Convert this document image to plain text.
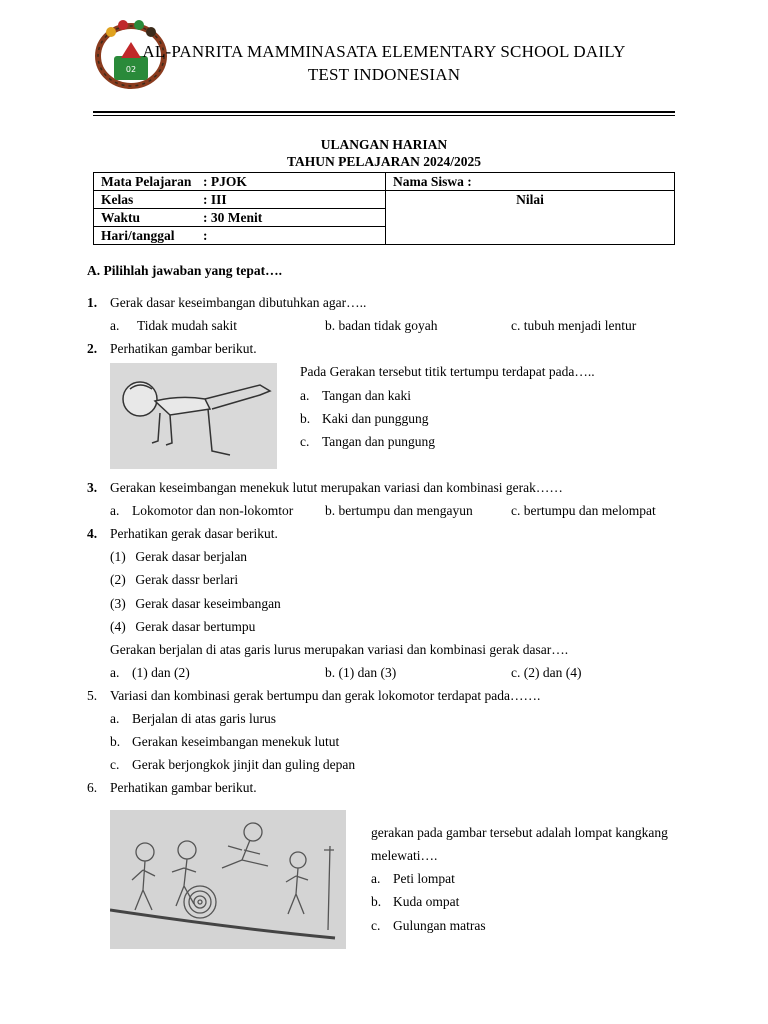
02
AL-PANRITA MAMMINASATA ELEMENTARY SCHOOL DAILY
TEST INDONESIAN
ULANGAN HARIAN
TAHUN PELAJARAN 2024/2025
Mata Pelajaran : PJOK	Nama Siswa :
Kelas : III	Nilai
Waktu : 30 Menit	
Hari/tanggal :	
A. Pilihlah jawaban yang tepat….
1. Gerak dasar keseimbangan dibutuhkan agar…..
a. Tidak mudah sakit	b. badan tidak goyah	c. tubuh menjadi lentur
2. Perhatikan gambar berikut.
Pada Gerakan tersebut titik tertumpu terdapat pada…..
a. Tangan dan kaki
b. Kaki dan punggung
c. Tangan dan pungung
3. Gerakan keseimbangan menekuk lutut merupakan variasi dan kombinasi gerak……
a. Lokomotor dan non-lokomtor b. bertumpu dan mengayun	c. bertumpu dan melompat
4. Perhatikan gerak dasar berikut.
(1) Gerak dasar berjalan
(2) Gerak dassr berlari
(3) Gerak dasar keseimbangan
(4) Gerak dasar bertumpu
Gerakan berjalan di atas garis lurus merupakan variasi dan kombinasi gerak dasar….
a. (1) dan (2)	b. (1) dan (3)	c. (2) dan (4)
5. Variasi dan kombinasi gerak bertumpu dan gerak lokomotor terdapat pada…….
a. Berjalan di atas garis lurus
b. Gerakan keseimbangan menekuk lutut
c. Gerak berjongkok jinjit dan guling depan
6. Perhatikan gambar berikut.
gerakan pada gambar tersebut adalah lompat kangkang
melewati….
a. Peti lompat
b. Kuda ompat
c. Gulungan matras
